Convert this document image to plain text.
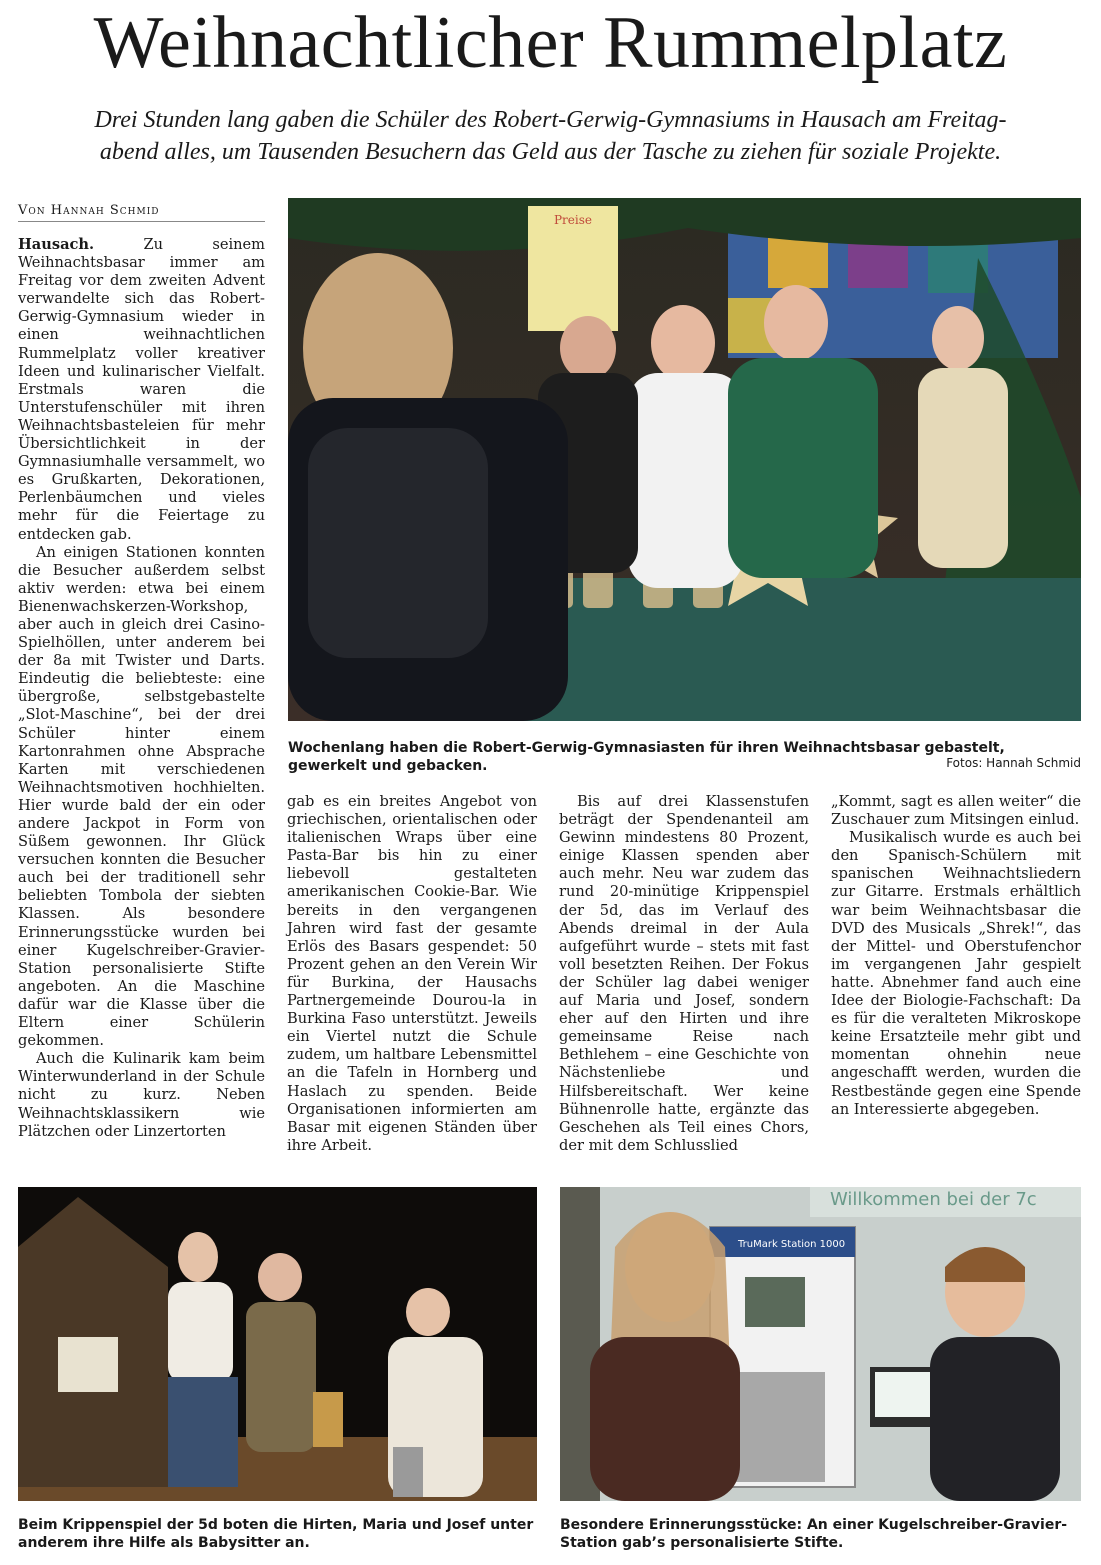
Weihnachtlicher Rummelplatz
Drei Stunden lang gaben die Schüler des Robert-Gerwig-Gymnasiums in Hausach am Freitag-
abend alles, um Tausenden Besuchern das Geld aus der Tasche zu ziehen für soziale Projekte.
Von Hannah Schmid

Hausach. Zu seinem Weihnachtsbasar immer am Freitag vor dem zweiten Advent verwandelte sich das Robert-Gerwig-Gymnasium wieder in einen weihnachtlichen Rummelplatz voller kreativer Ideen und kulinarischer Vielfalt. Erstmals waren die Unterstufenschüler mit ihren Weihnachtsbasteleien für mehr Übersichtlichkeit in der Gymnasiumhalle versammelt, wo es Grußkarten, Dekorationen, Perlenbäumchen und vieles mehr für die Feiertage zu entdecken gab.

An einigen Stationen konnten die Besucher außerdem selbst aktiv werden: etwa bei einem Bienenwachskerzen-Workshop, aber auch in gleich drei Casino-Spielhöllen, unter anderem bei der 8a mit Twister und Darts. Eindeutig die beliebteste: eine übergroße, selbstgebastelte „Slot-Maschine“, bei der drei Schüler hinter einem Kartonrahmen ohne Absprache Karten mit verschiedenen Weihnachtsmotiven hochhielten. Hier wurde bald der ein oder andere Jackpot in Form von Süßem gewonnen. Ihr Glück versuchen konnten die Besucher auch bei der traditionell sehr beliebten Tombola der siebten Klassen. Als besondere Erinnerungsstücke wurden bei einer Kugelschreiber-Gravier-Station personalisierte Stifte angeboten. An die Maschine dafür war die Klasse über die Eltern einer Schülerin gekommen.

Auch die Kulinarik kam beim Winterwunderland in der Schule nicht zu kurz. Neben Weihnachtsklassikern wie Plätzchen oder Linzertorten

Preise
Wochenlang haben die Robert-Gerwig-Gymnasiasten für ihren Weihnachtsbasar gebastelt, gewerkelt und gebacken.	Fotos: Hannah Schmid

gab es ein breites Angebot von griechischen, orientalischen oder italienischen Wraps über eine Pasta-Bar bis hin zu einer liebevoll gestalteten amerikanischen Cookie-Bar. Wie bereits in den vergangenen Jahren wird fast der gesamte Erlös des Basars gespendet: 50 Prozent gehen an den Verein Wir für Burkina, der Hausachs Partnergemeinde Dourou-la in Burkina Faso unterstützt. Jeweils ein Viertel nutzt die Schule zudem, um haltbare Lebensmittel an die Tafeln in Hornberg und Haslach zu spenden. Beide Organisationen informierten am Basar mit eigenen Ständen über ihre Arbeit.

Bis auf drei Klassenstufen beträgt der Spendenanteil am Gewinn mindestens 80 Prozent, einige Klassen spenden aber auch mehr. Neu war zudem das rund 20-minütige Krippenspiel der 5d, das im Verlauf des Abends dreimal in der Aula aufgeführt wurde – stets mit fast voll besetzten Reihen. Der Fokus der Schüler lag dabei weniger auf Maria und Josef, sondern eher auf den Hirten und ihre gemeinsame Reise nach Bethlehem – eine Geschichte von Nächstenliebe und Hilfsbereitschaft. Wer keine Bühnenrolle hatte, ergänzte das Geschehen als Teil eines Chors, der mit dem Schlusslied

„Kommt, sagt es allen weiter“ die Zuschauer zum Mitsingen einlud.

Musikalisch wurde es auch bei den Spanisch-Schülern mit spanischen Weihnachtsliedern zur Gitarre. Erstmals erhältlich war beim Weihnachtsbasar die DVD des Musicals „Shrek!“, das der Mittel- und Oberstufenchor im vergangenen Jahr gespielt hatte. Abnehmer fand auch eine Idee der Biologie-Fachschaft: Da es für die veralteten Mikroskope keine Ersatzteile mehr gibt und momentan ohnehin neue angeschafft werden, wurden die Restbestände gegen eine Spende an Interessierte abgegeben.

Beim Krippenspiel der 5d boten die Hirten, Maria und Josef unter anderem ihre Hilfe als Babysitter an.
Willkommen bei der 7c
TruMark Station 1000
Besondere Erinnerungsstücke: An einer Kugelschreiber-Gravier-Station gab’s personalisierte Stifte.
